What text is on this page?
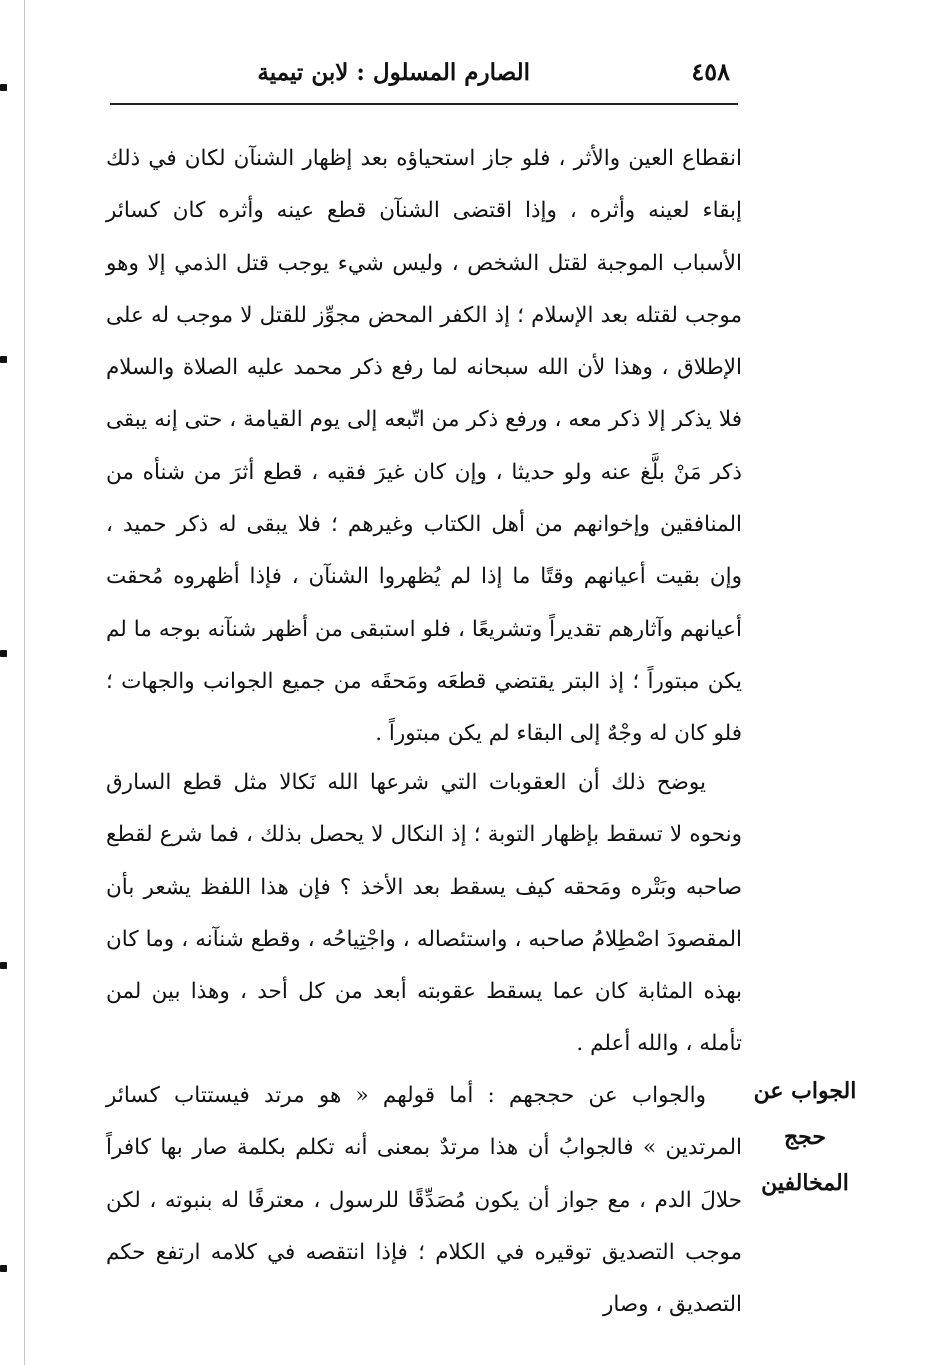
٤٥٨
الصارم المسلول : لابن تيمية

انقطاع العين والأثر ، فلو جاز استحياؤه بعد إظهار الشنآن لكان في ذلك إبقاء لعينه وأثره ، وإذا اقتضى الشنآن قطع عينه وأثره كان كسائر الأسباب الموجبة لقتل الشخص ، وليس شيء يوجب قتل الذمي إلا وهو موجب لقتله بعد الإسلام ؛ إذ الكفر المحض مجوِّز للقتل لا موجب له على الإطلاق ، وهذا لأن الله سبحانه لما رفع ذكر محمد عليه الصلاة والسلام فلا يذكر إلا ذكر معه ، ورفع ذكر من اتّبعه إلى يوم القيامة ، حتى إنه يبقى ذكر مَنْ بلَّغ عنه ولو حديثا ، وإن كان غيرَ فقيه ، قطع أثرَ من شنأه من المنافقين وإخوانهم من أهل الكتاب وغيرهم ؛ فلا يبقى له ذكر حميد ، وإن بقيت أعيانهم وقتًا ما إذا لم يُظهروا الشنآن ، فإذا أظهروه مُحقت أعيانهم وآثارهم تقديراً وتشريعًا ، فلو استبقى من أظهر شنآنه بوجه ما لم يكن مبتوراً ؛ إذ البتر يقتضي قطعَه ومَحقَه من جميع الجوانب والجهات ؛ فلو كان له وجْهٌ إلى البقاء لم يكن مبتوراً .

يوضح ذلك أن العقوبات التي شرعها الله نَكالا مثل قطع السارق ونحوه لا تسقط بإظهار التوبة ؛ إذ النكال لا يحصل بذلك ، فما شرع لقطع صاحبه وبَتْره ومَحقه كيف يسقط بعد الأخذ ؟ فإن هذا اللفظ يشعر بأن المقصودَ اصْطِلامُ صاحبه ، واستئصاله ، واجْتِياحُه ، وقطع شنآنه ، وما كان بهذه المثابة كان عما يسقط عقوبته أبعد من كل أحد ، وهذا بين لمن تأمله ، والله أعلم .

الجواب عن حجج المخالفين

والجواب عن حججهم : أما قولهم « هو مرتد فيستتاب كسائر المرتدين » فالجوابُ أن هذا مرتدٌ بمعنى أنه تكلم بكلمة صار بها كافراً حلالَ الدم ، مع جواز أن يكون مُصَدِّقًا للرسول ، معترفًا له بنبوته ، لكن موجب التصديق توقيره في الكلام ؛ فإذا انتقصه في كلامه ارتفع حكم التصديق ، وصار
